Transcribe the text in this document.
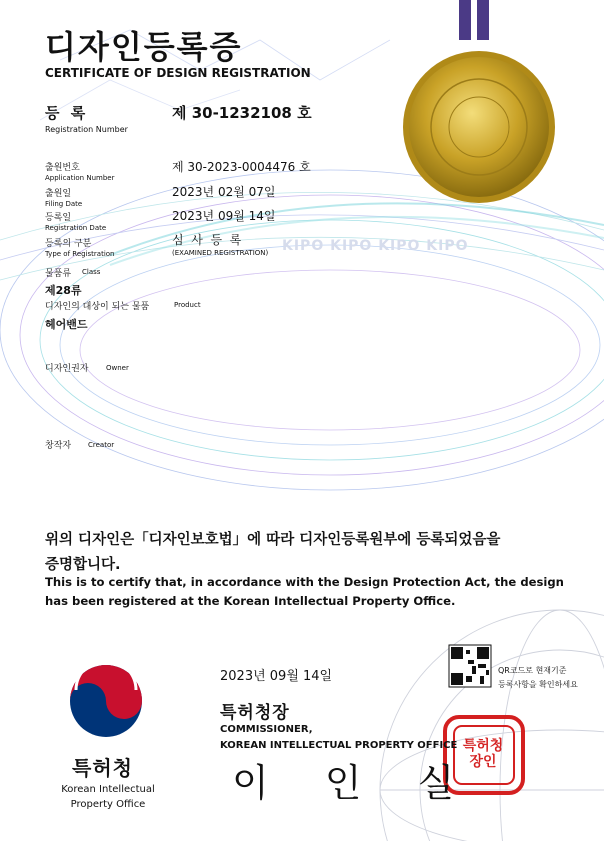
디자인등록증
CERTIFICATE OF DESIGN REGISTRATION
등 록
Registration Number
제 30-1232108 호
출원번호
Application Number
제 30-2023-0004476 호
출원일
Filing Date
2023년 02월 07일
등록일
Registration Date
2023년 09월 14일
등록의 구분
Type of Registration
심  사  등  록
(EXAMINED REGISTRATION) KIPO KIPO KIPO KIPO
물품류 Class
제28류
디자인의 대상이 되는 물품	Product
헤어밴드
디자인권자	Owner
창작자 Creator
위의 디자인은「디자인보호법」에 따라 디자인등록원부에 등록되었음을
증명합니다.
This is to certify that, in accordance with the Design Protection Act, the design
has been registered at the Korean Intellectual Property Office.
2023년 09월 14일	QR코드로 현재기준
등록사항을 확인하세요
특허청장
COMMISSIONER,
KOREAN INTELLECTUAL PROPERTY OFFICE
이 인 실
특허청장인
특허청
Korean Intellectual
Property Office
